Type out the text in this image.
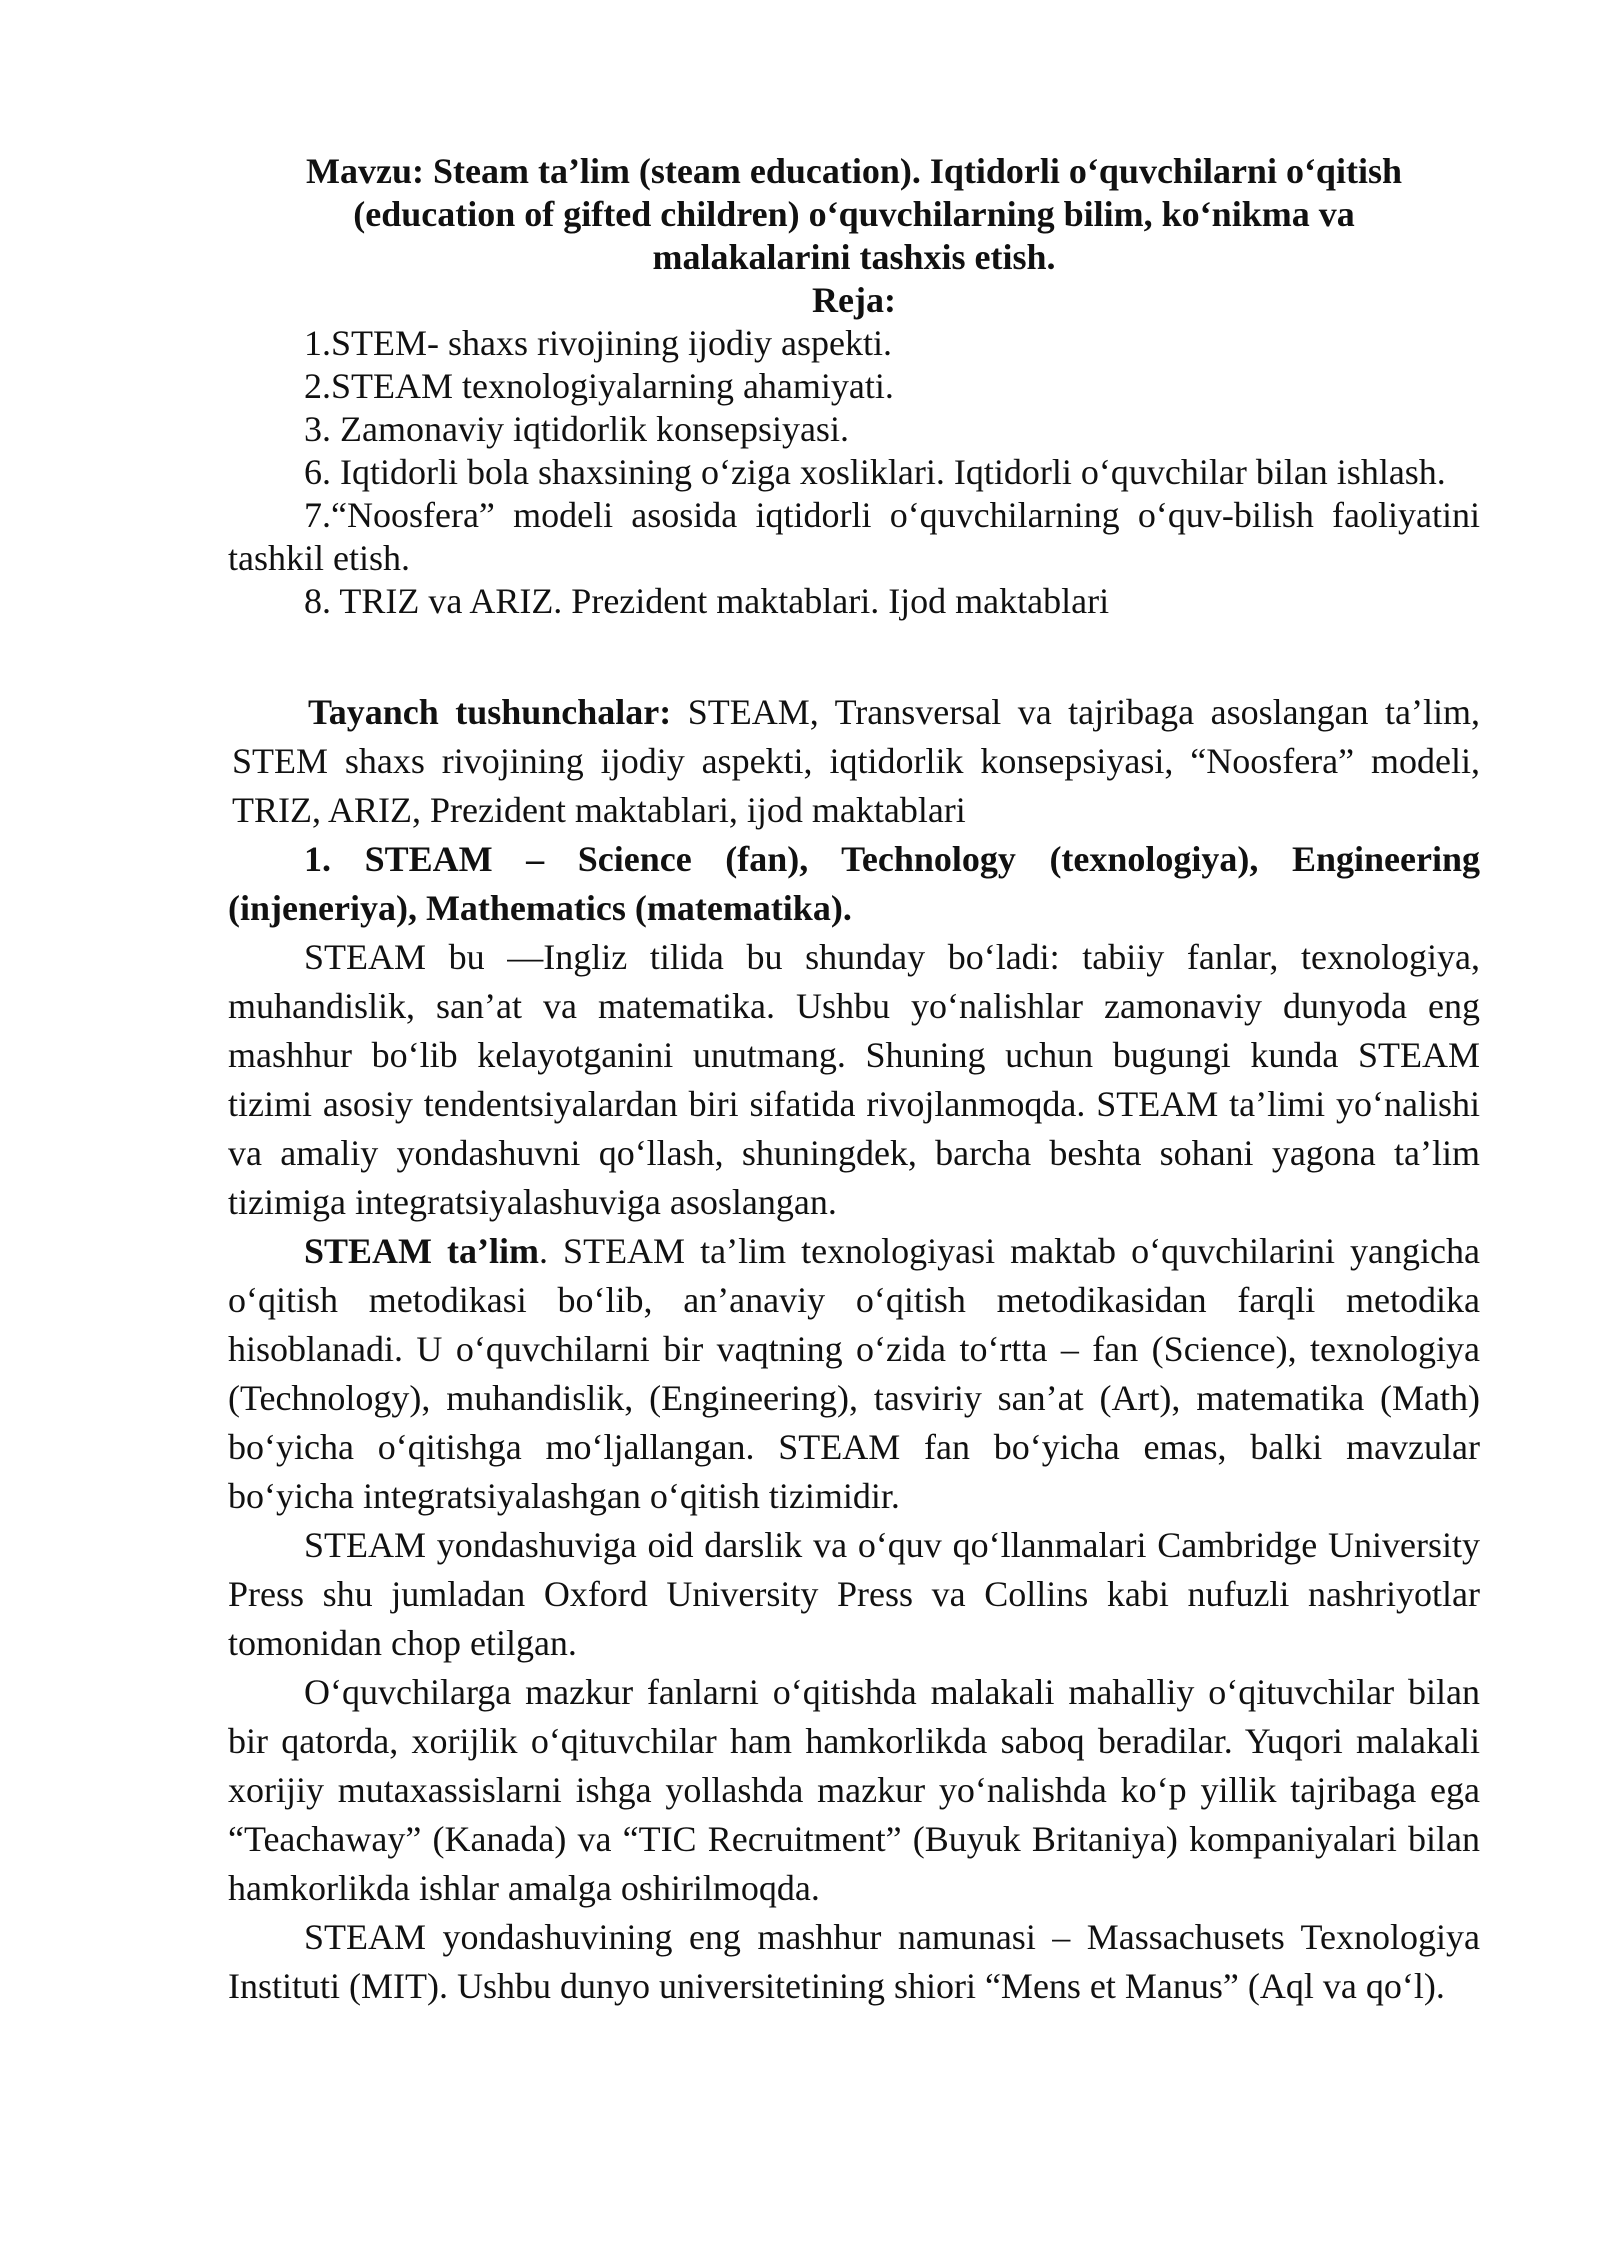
Mavzu: Steam ta’lim (steam education). Iqtidorli o‘quvchilarni o‘qitish (education of gifted children) o‘quvchilarning bilim, ko‘nikma va malakalarini tashxis etish.

Reja:

1.STEM- shaxs rivojining ijodiy aspekti.
2.STEAM texnologiyalarning ahamiyati.
3. Zamonaviy iqtidorlik konsepsiyasi.
6. Iqtidorli bola shaxsining o‘ziga xosliklari. Iqtidorli o‘quvchilar bilan ishlash.
7.“Noosfera” modeli asosida iqtidorli o‘quvchilarning o‘quv-bilish faoliyatini tashkil etish.
8. TRIZ va ARIZ. Prezident maktablari. Ijod maktablari

Tayanch tushunchalar: STEAM, Transversal va tajribaga asoslangan ta’lim, STEM shaxs rivojining ijodiy aspekti, iqtidorlik konsepsiyasi, “Noosfera” modeli, TRIZ, ARIZ, Prezident maktablari, ijod maktablari

1. STEAM – Science (fan), Technology (texnologiya), Engineering (injeneriya), Mathematics (matematika).

STEAM bu —Ingliz tilida bu shunday bo‘ladi: tabiiy fanlar, texnologiya, muhandislik, san’at va matematika. Ushbu yo‘nalishlar zamonaviy dunyoda eng mashhur bo‘lib kelayotganini unutmang. Shuning uchun bugungi kunda STEAM tizimi asosiy tendentsiyalardan biri sifatida rivojlanmoqda. STEAM ta’limi yo‘nalishi va amaliy yondashuvni qo‘llash, shuningdek, barcha beshta sohani yagona ta’lim tizimiga integratsiyalashuviga asoslangan.

STEAM ta’lim. STEAM ta’lim texnologiyasi maktab o‘quvchilarini yangicha o‘qitish metodikasi bo‘lib, an’anaviy o‘qitish metodikasidan farqli metodika hisoblanadi. U o‘quvchilarni bir vaqtning o‘zida to‘rtta – fan (Science), texnologiya (Technology), muhandislik, (Engineering), tasviriy san’at (Art), matematika (Math) bo‘yicha o‘qitishga mo‘ljallangan. STEAM fan bo‘yicha emas, balki mavzular bo‘yicha integratsiyalashgan o‘qitish tizimidir.

STEAM yondashuviga oid darslik va o‘quv qo‘llanmalari Cambridge University Press shu jumladan Oxford University Press va Collins kabi nufuzli nashriyotlar tomonidan chop etilgan.

O‘quvchilarga mazkur fanlarni o‘qitishda malakali mahalliy o‘qituvchilar bilan bir qatorda, xorijlik o‘qituvchilar ham hamkorlikda saboq beradilar. Yuqori malakali xorijiy mutaxassislarni ishga yollashda mazkur yo‘nalishda ko‘p yillik tajribaga ega “Teachaway” (Kanada) va “TIC Recruitment” (Buyuk Britaniya) kompaniyalari bilan hamkorlikda ishlar amalga oshirilmoqda.

STEAM yondashuvining eng mashhur namunasi – Massachusets Texnologiya Instituti (MIT). Ushbu dunyo universitetining shiori “Mens et Manus” (Aql va qo‘l).
